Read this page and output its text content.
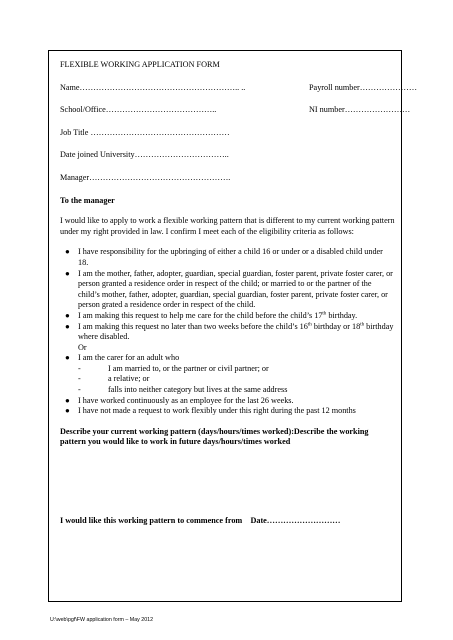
FLEXIBLE WORKING APPLICATION FORM
Name………………………………………………….. ..	Payroll number…………………
School/Office…………………………………..	NI number……………………
Job Title ……………………………………………
Date joined University……………………………..
Manager…………………………………………….
To the manager
I would like to apply to work a flexible working pattern that is different to my current working pattern under my right provided in law. I confirm I meet each of the eligibility criteria as follows:
● I have responsibility for the upbringing of either a child 16 or under or a disabled child under 18.
● I am the mother, father, adopter, guardian, special guardian, foster parent, private foster carer, or person granted a residence order in respect of the child; or married to or the partner of the child’s mother, father, adopter, guardian, special guardian, foster parent, private foster carer, or person grated a residence order in respect of the child.
● I am making this request to help me care for the child before the child’s 17th birthday.
● I am making this request no later than two weeks before the child’s 16th birthday or 18th birthday where disabled.
Or
● I am the carer for an adult who
-	I am married to, or the partner or civil partner; or
-	a relative; or
-	falls into neither category but lives at the same address
● I have worked continuously as an employee for the last 26 weeks.
● I have not made a request to work flexibly under this right during the past 12 months
Describe your current working pattern (days/hours/times worked):Describe the working pattern you would like to work in future days/hours/times worked
I would like this working pattern to commence from Date………………………
U:\web\pgf\FW application form – May 2012
